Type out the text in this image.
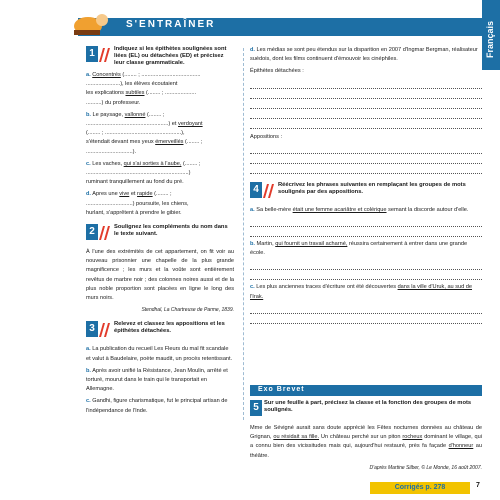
S'ENTRAÎNER	Français
1	Indiquez si les épithètes soulignées sont liées (EL) ou détachées (ED) et précisez leur classe grammaticale.

a. Concentrés (........ ; ......................................
......................), les élèves écoutaient
les explications subtiles (........ ; ....................
..........) du professeur.

b. Le paysage, vallonné (........ ;
.....................................................) et verdoyant
(........ ; .................................................),
s'étendait devant mes yeux émerveillés (........ ;
..............................).

c. Les vaches, qui s'ai sorties à l'aube, (........ ;
..................................................................)
ruminant tranquillement au fond du pré.

d. Apres une vive et rapide (........ ;
..............................) poursuite, les chiens,
hurlant, s'apprêtent à prendre le gibier.

2	Soulignez les compléments du nom dans le texte suivant.

À l'une des extrémités de cet appartement, on fit voir au nouveau prisonnier une chapelle de la plus grande magnificence ; les murs et la voûte sont entièrement revêtus de marbre noir ; des colonnes noires aussi et de la plus noble proportion sont placées en ligne le long des murs noirs.

Stendhal, La Chartreuse de Parme, 1839.
3	Relevez et classez les appositions et les épithètes détachées.

a. La publication du recueil Les Fleurs du mal fit scandale et valut à Baudelaire, poète maudit, un procès retentissant.

b. Après avoir unifié la Résistance, Jean Moulin, arrêté et torturé, mourut dans le train qui le transportait en Allemagne.

c. Gandhi, figure charismatique, fut le principal artisan de l'indépendance de l'Inde.

d. Les médias se sont peu étendus sur la disparition en 2007 d'Ingmar Bergman, réalisateur suédois, dont les films continuent d'émouvoir les cinéphiles.

Épithètes détachées :

Appositions :

4	Réécrivez les phrases suivantes en remplaçant les groupes de mots soulignés par des appositions.

a. Sa belle-mère était une femme acariâtre et colérique semant la discorde autour d'elle.

b. Martin, qui fournit un travail acharné, réussira certainement à entrer dans une grande école.

c. Les plus anciennes traces d'écriture ont été découvertes dans la ville d'Uruk, au sud de l'Irak.

Exo Brevet
5 Sur une feuille à part, précisez la classe et la fonction des groupes de mots soulignés.

Mme de Sévigné aurait sans doute apprécié les Fêtes nocturnes données au château de Grignan, ou résidait sa fille. Un château perché sur un piton rocheux dominant le village, qui a connu bien des vicissitudes mais qui, aujourd'hui restauré, près fa façade d'honneur au théâtre.

D'après Martine Silber, © Le Monde, 16 août 2007.
Corrigés p. 278	7
